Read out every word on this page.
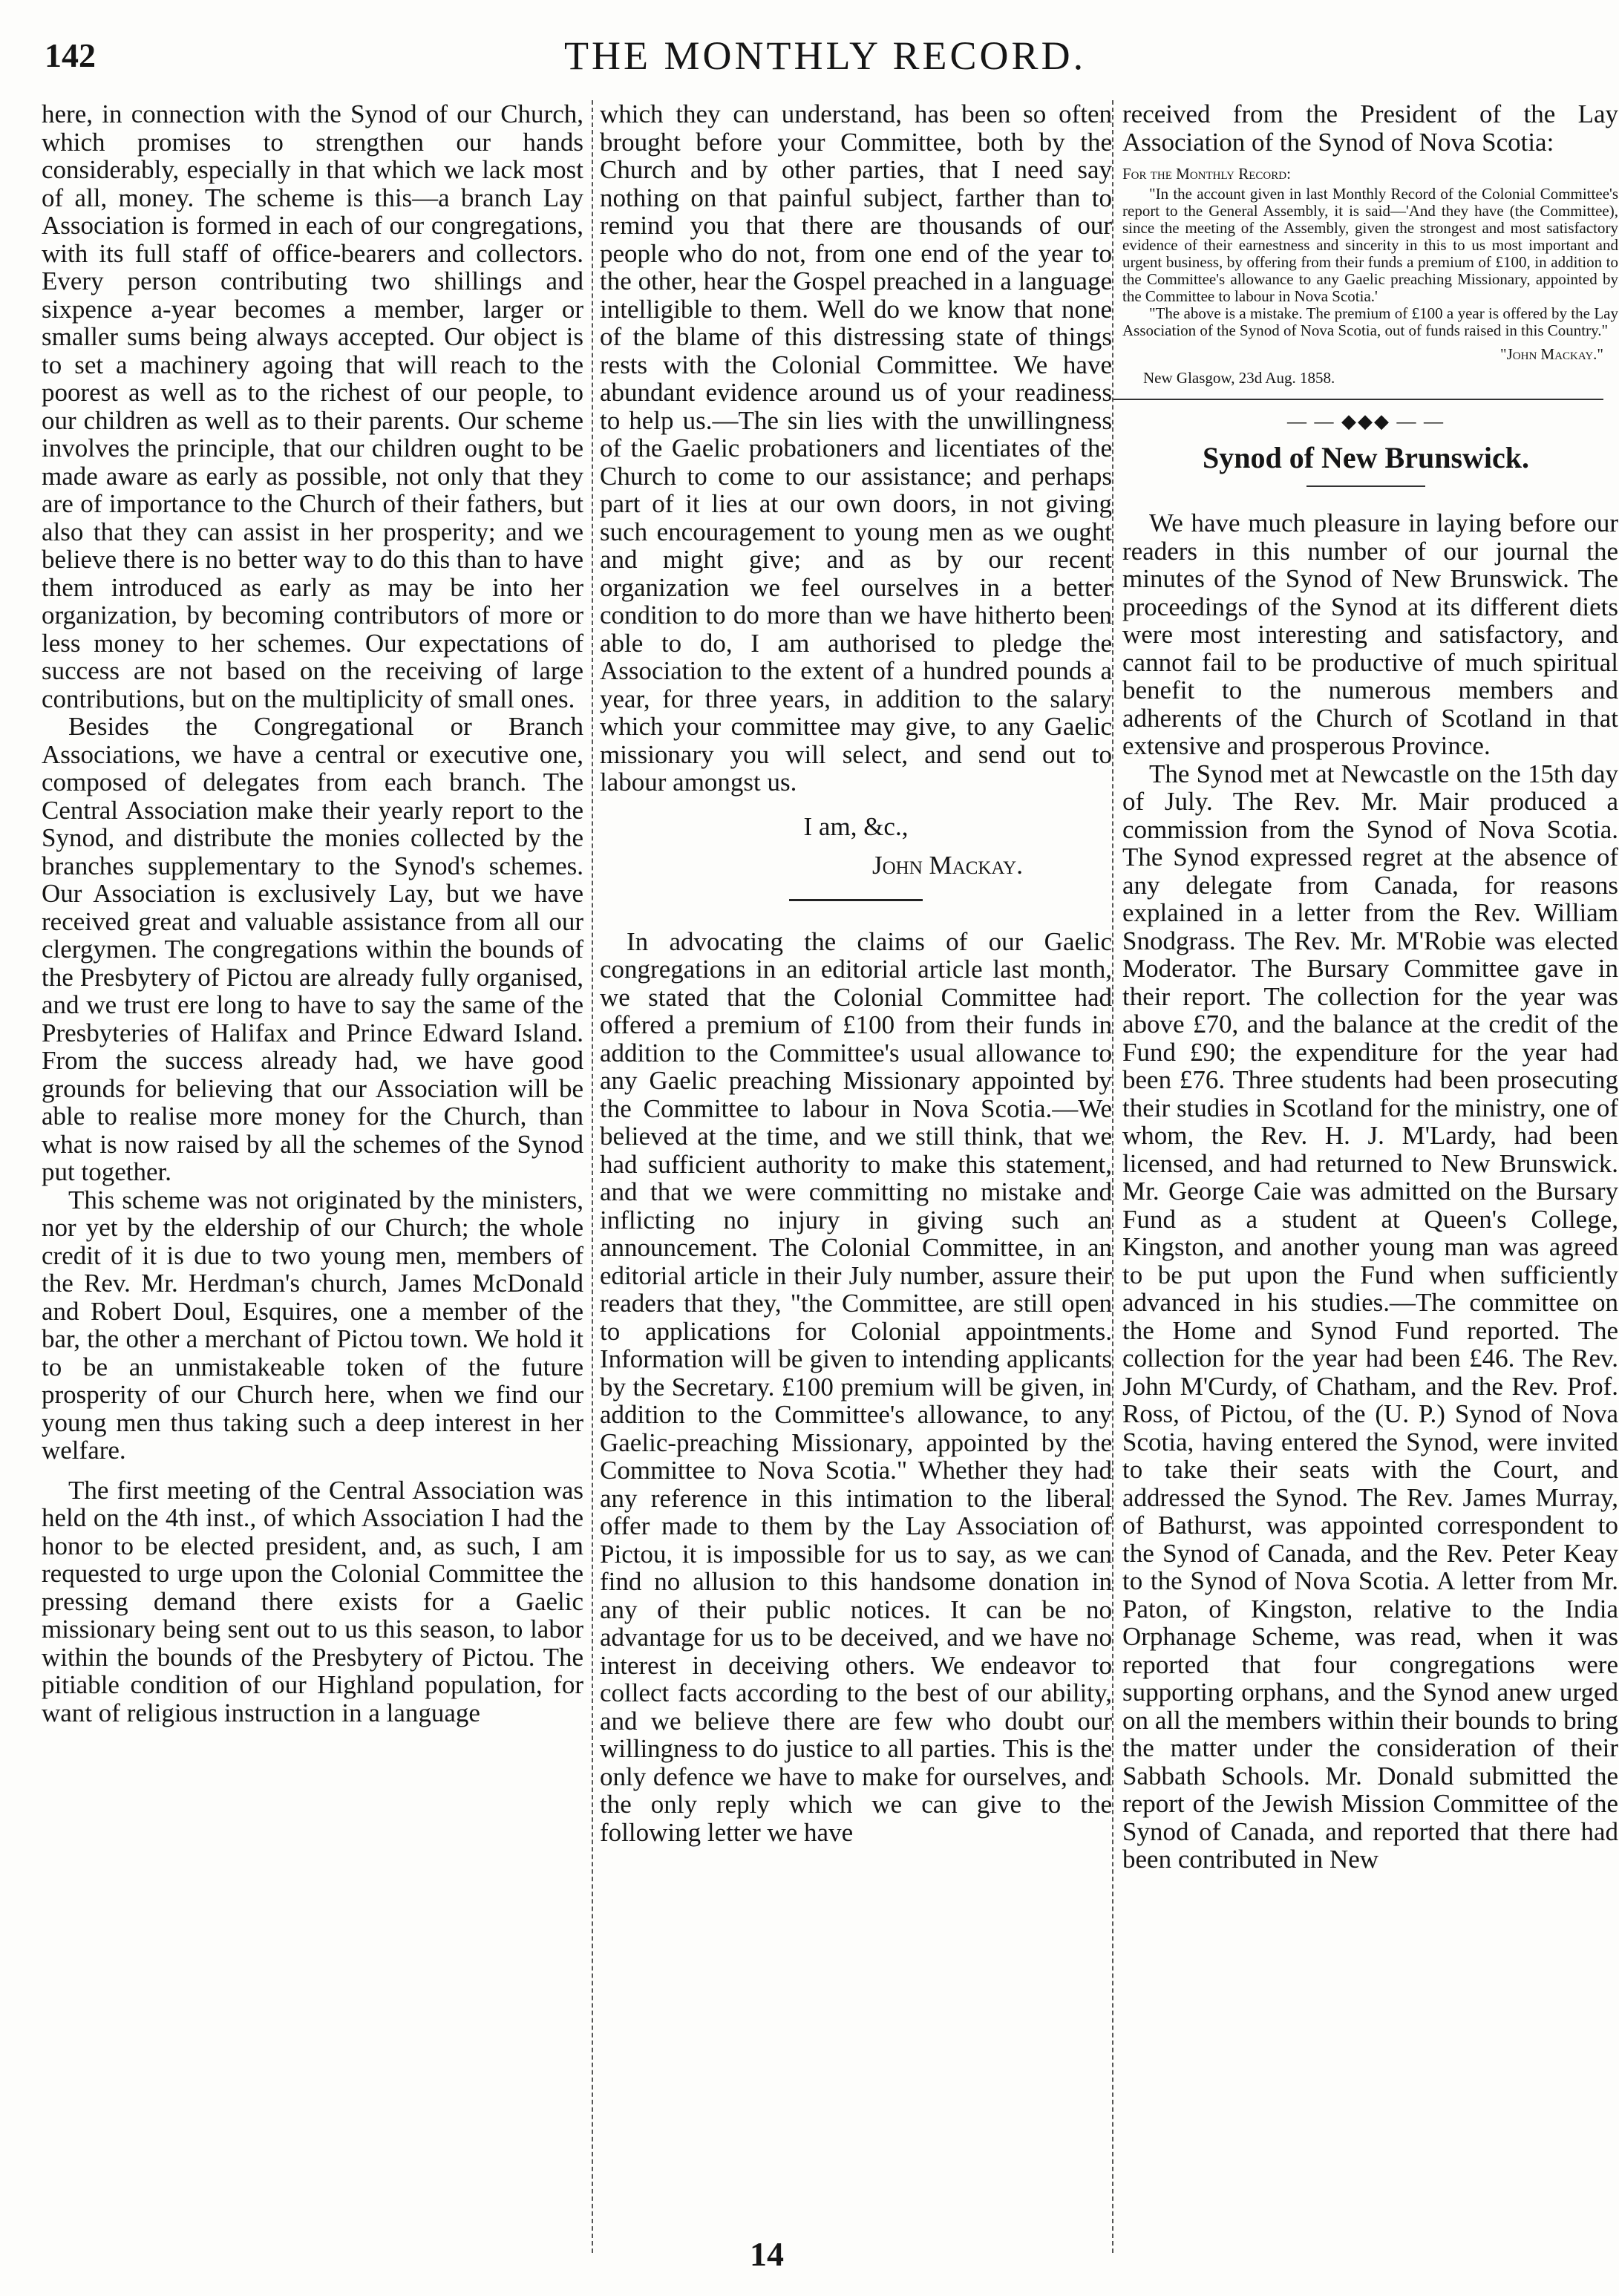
142	THE MONTHLY RECORD.

here, in connection with the Synod of our Church, which promises to strengthen our hands considerably, especially in that which we lack most of all, money. The scheme is this—a branch Lay Association is formed in each of our congregations, with its full staff of office-bearers and collectors. Every person contributing two shillings and sixpence a-year becomes a member, larger or smaller sums being always accepted. Our object is to set a machinery agoing that will reach to the poorest as well as to the richest of our people, to our children as well as to their parents. Our scheme involves the principle, that our children ought to be made aware as early as possible, not only that they are of importance to the Church of their fathers, but also that they can assist in her prosperity; and we believe there is no better way to do this than to have them introduced as early as may be into her organization, by becoming contributors of more or less money to her schemes. Our expectations of success are not based on the receiving of large contributions, but on the multiplicity of small ones.

Besides the Congregational or Branch Associations, we have a central or executive one, composed of delegates from each branch. The Central Association make their yearly report to the Synod, and distribute the monies collected by the branches supplementary to the Synod's schemes. Our Association is exclusively Lay, but we have received great and valuable assistance from all our clergymen. The congregations within the bounds of the Presbytery of Pictou are already fully organised, and we trust ere long to have to say the same of the Presbyteries of Halifax and Prince Edward Island. From the success already had, we have good grounds for believing that our Association will be able to realise more money for the Church, than what is now raised by all the schemes of the Synod put together.

This scheme was not originated by the ministers, nor yet by the eldership of our Church; the whole credit of it is due to two young men, members of the Rev. Mr. Herdman's church, James McDonald and Robert Doul, Esquires, one a member of the bar, the other a merchant of Pictou town. We hold it to be an unmistakeable token of the future prosperity of our Church here, when we find our young men thus taking such a deep interest in her welfare.

The first meeting of the Central Association was held on the 4th inst., of which Association I had the honor to be elected president, and, as such, I am requested to urge upon the Colonial Committee the pressing demand there exists for a Gaelic missionary being sent out to us this season, to labor within the bounds of the Presbytery of Pictou. The pitiable condition of our Highland population, for want of religious instruction in a language

which they can understand, has been so often brought before your Committee, both by the Church and by other parties, that I need say nothing on that painful subject, farther than to remind you that there are thousands of our people who do not, from one end of the year to the other, hear the Gospel preached in a language intelligible to them. Well do we know that none of the blame of this distressing state of things rests with the Colonial Committee. We have abundant evidence around us of your readiness to help us.—The sin lies with the unwillingness of the Gaelic probationers and licentiates of the Church to come to our assistance; and perhaps part of it lies at our own doors, in not giving such encouragement to young men as we ought and might give; and as by our recent organization we feel ourselves in a better condition to do more than we have hitherto been able to do, I am authorised to pledge the Association to the extent of a hundred pounds a year, for three years, in addition to the salary which your committee may give, to any Gaelic missionary you will select, and send out to labour amongst us.

I am, &c.,
John Mackay.

In advocating the claims of our Gaelic congregations in an editorial article last month, we stated that the Colonial Committee had offered a premium of £100 from their funds in addition to the Committee's usual allowance to any Gaelic preaching Missionary appointed by the Committee to labour in Nova Scotia.—We believed at the time, and we still think, that we had sufficient authority to make this statement, and that we were committing no mistake and inflicting no injury in giving such an announcement. The Colonial Committee, in an editorial article in their July number, assure their readers that they, "the Committee, are still open to applications for Colonial appointments. Information will be given to intending applicants by the Secretary. £100 premium will be given, in addition to the Committee's allowance, to any Gaelic-preaching Missionary, appointed by the Committee to Nova Scotia." Whether they had any reference in this intimation to the liberal offer made to them by the Lay Association of Pictou, it is impossible for us to say, as we can find no allusion to this handsome donation in any of their public notices. It can be no advantage for us to be deceived, and we have no interest in deceiving others. We endeavor to collect facts according to the best of our ability, and we believe there are few who doubt our willingness to do justice to all parties. This is the only defence we have to make for ourselves, and the only reply which we can give to the following letter we have

received from the President of the Lay Association of the Synod of Nova Scotia:

For the Monthly Record:

"In the account given in last Monthly Record of the Colonial Committee's report to the General Assembly, it is said—'And they have (the Committee), since the meeting of the Assembly, given the strongest and most satisfactory evidence of their earnestness and sincerity in this to us most important and urgent business, by offering from their funds a premium of £100, in addition to the Committee's allowance to any Gaelic preaching Missionary, appointed by the Committee to labour in Nova Scotia.'

"The above is a mistake. The premium of £100 a year is offered by the Lay Association of the Synod of Nova Scotia, out of funds raised in this Country."

"John Mackay."
New Glasgow, 23d Aug. 1858.
— — ◆◆◆ — —
Synod of New Brunswick.

We have much pleasure in laying before our readers in this number of our journal the minutes of the Synod of New Brunswick. The proceedings of the Synod at its different diets were most interesting and satisfactory, and cannot fail to be productive of much spiritual benefit to the numerous members and adherents of the Church of Scotland in that extensive and prosperous Province.

The Synod met at Newcastle on the 15th day of July. The Rev. Mr. Mair produced a commission from the Synod of Nova Scotia. The Synod expressed regret at the absence of any delegate from Canada, for reasons explained in a letter from the Rev. William Snodgrass. The Rev. Mr. M'Robie was elected Moderator. The Bursary Committee gave in their report. The collection for the year was above £70, and the balance at the credit of the Fund £90; the expenditure for the year had been £76. Three students had been prosecuting their studies in Scotland for the ministry, one of whom, the Rev. H. J. M'Lardy, had been licensed, and had returned to New Brunswick. Mr. George Caie was admitted on the Bursary Fund as a student at Queen's College, Kingston, and another young man was agreed to be put upon the Fund when sufficiently advanced in his studies.—The committee on the Home and Synod Fund reported. The collection for the year had been £46. The Rev. John M'Curdy, of Chatham, and the Rev. Prof. Ross, of Pictou, of the (U. P.) Synod of Nova Scotia, having entered the Synod, were invited to take their seats with the Court, and addressed the Synod. The Rev. James Murray, of Bathurst, was appointed correspondent to the Synod of Canada, and the Rev. Peter Keay to the Synod of Nova Scotia. A letter from Mr. Paton, of Kingston, relative to the India Orphanage Scheme, was read, when it was reported that four congregations were supporting orphans, and the Synod anew urged on all the members within their bounds to bring the matter under the consideration of their Sabbath Schools. Mr. Donald submitted the report of the Jewish Mission Committee of the Synod of Canada, and reported that there had been contributed in New

14
